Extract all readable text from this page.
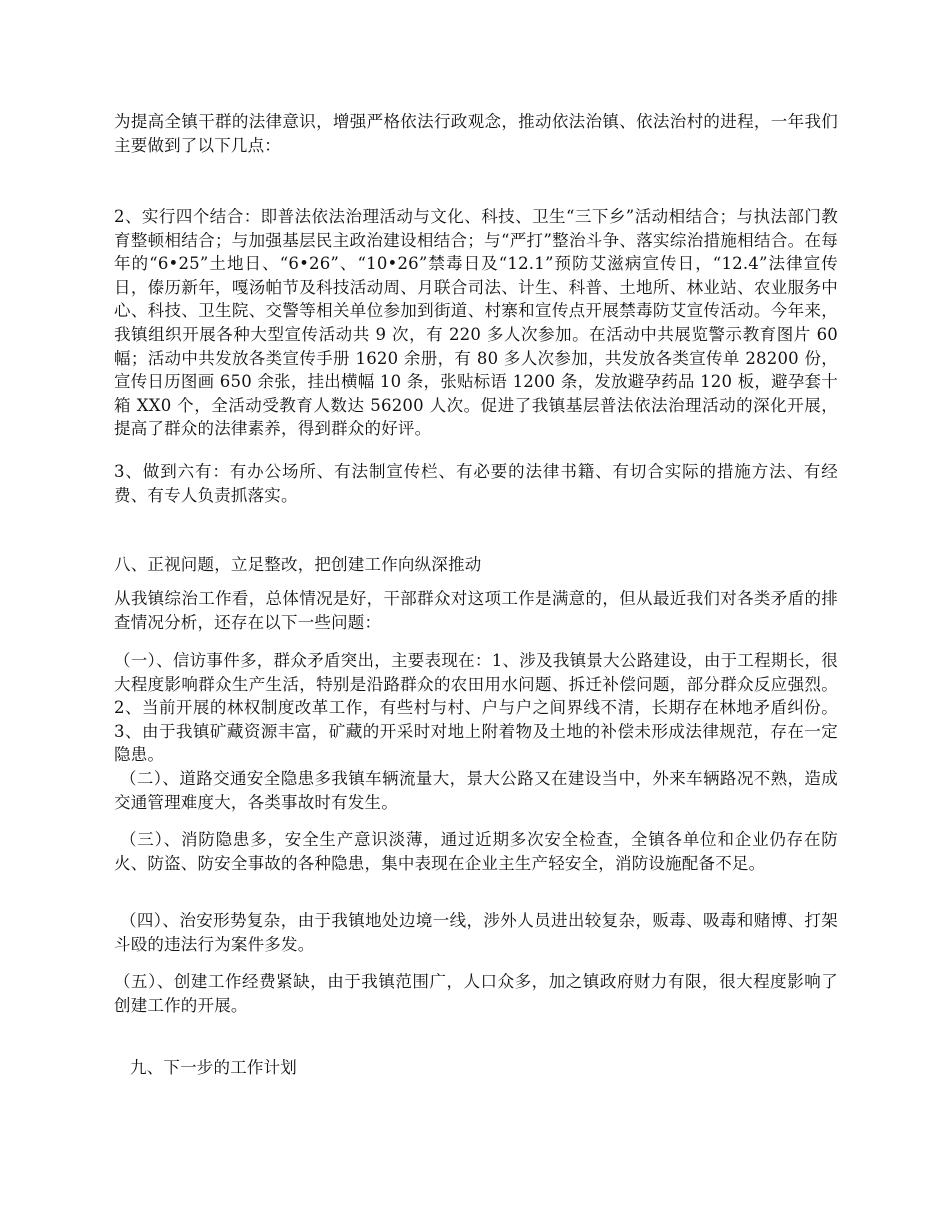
为提高全镇干群的法律意识，增强严格依法行政观念，推动依法治镇、依法治村的进程，一年我们主要做到了以下几点：

2、实行四个结合：即普法依法治理活动与文化、科技、卫生“三下乡”活动相结合；与执法部门教育整顿相结合；与加强基层民主政治建设相结合；与“严打”整治斗争、落实综治措施相结合。在每年的“6•25”土地日、“6•26”、“10•26”禁毒日及“12.1”预防艾滋病宣传日，“12.4”法律宣传日，傣历新年，嘎汤帕节及科技活动周、月联合司法、计生、科普、土地所、林业站、农业服务中心、科技、卫生院、交警等相关单位参加到街道、村寨和宣传点开展禁毒防艾宣传活动。今年来，我镇组织开展各种大型宣传活动共 9 次，有 220 多人次参加。在活动中共展览警示教育图片 60 幅；活动中共发放各类宣传手册 1620 余册，有 80 多人次参加，共发放各类宣传单 28200 份，宣传日历图画 650 余张，挂出横幅 10 条，张贴标语 1200 条，发放避孕药品 120 板，避孕套十箱 XX0 个，全活动受教育人数达 56200 人次。促进了我镇基层普法依法治理活动的深化开展，提高了群众的法律素养，得到群众的好评。

3、做到六有：有办公场所、有法制宣传栏、有必要的法律书籍、有切合实际的措施方法、有经费、有专人负责抓落实。

八、正视问题，立足整改，把创建工作向纵深推动

从我镇综治工作看，总体情况是好，干部群众对这项工作是满意的，但从最近我们对各类矛盾的排查情况分析，还存在以下一些问题：

（一）、信访事件多，群众矛盾突出，主要表现在：1、涉及我镇景大公路建设，由于工程期长，很大程度影响群众生产生活，特别是沿路群众的农田用水问题、拆迁补偿问题，部分群众反应强烈。2、当前开展的林权制度改革工作，有些村与村、户与户之间界线不清，长期存在林地矛盾纠份。3、由于我镇矿藏资源丰富，矿藏的开采时对地上附着物及土地的补偿未形成法律规范，存在一定隐患。

（二）、道路交通安全隐患多我镇车辆流量大，景大公路又在建设当中，外来车辆路况不熟，造成交通管理难度大，各类事故时有发生。

（三）、消防隐患多，安全生产意识淡薄，通过近期多次安全检查，全镇各单位和企业仍存在防火、防盗、防安全事故的各种隐患，集中表现在企业主生产轻安全，消防设施配备不足。

（四）、治安形势复杂，由于我镇地处边境一线，涉外人员进出较复杂，贩毒、吸毒和赌博、打架斗殴的违法行为案件多发。

（五）、创建工作经费紧缺，由于我镇范围广，人口众多，加之镇政府财力有限，很大程度影响了创建工作的开展。

九、下一步的工作计划
